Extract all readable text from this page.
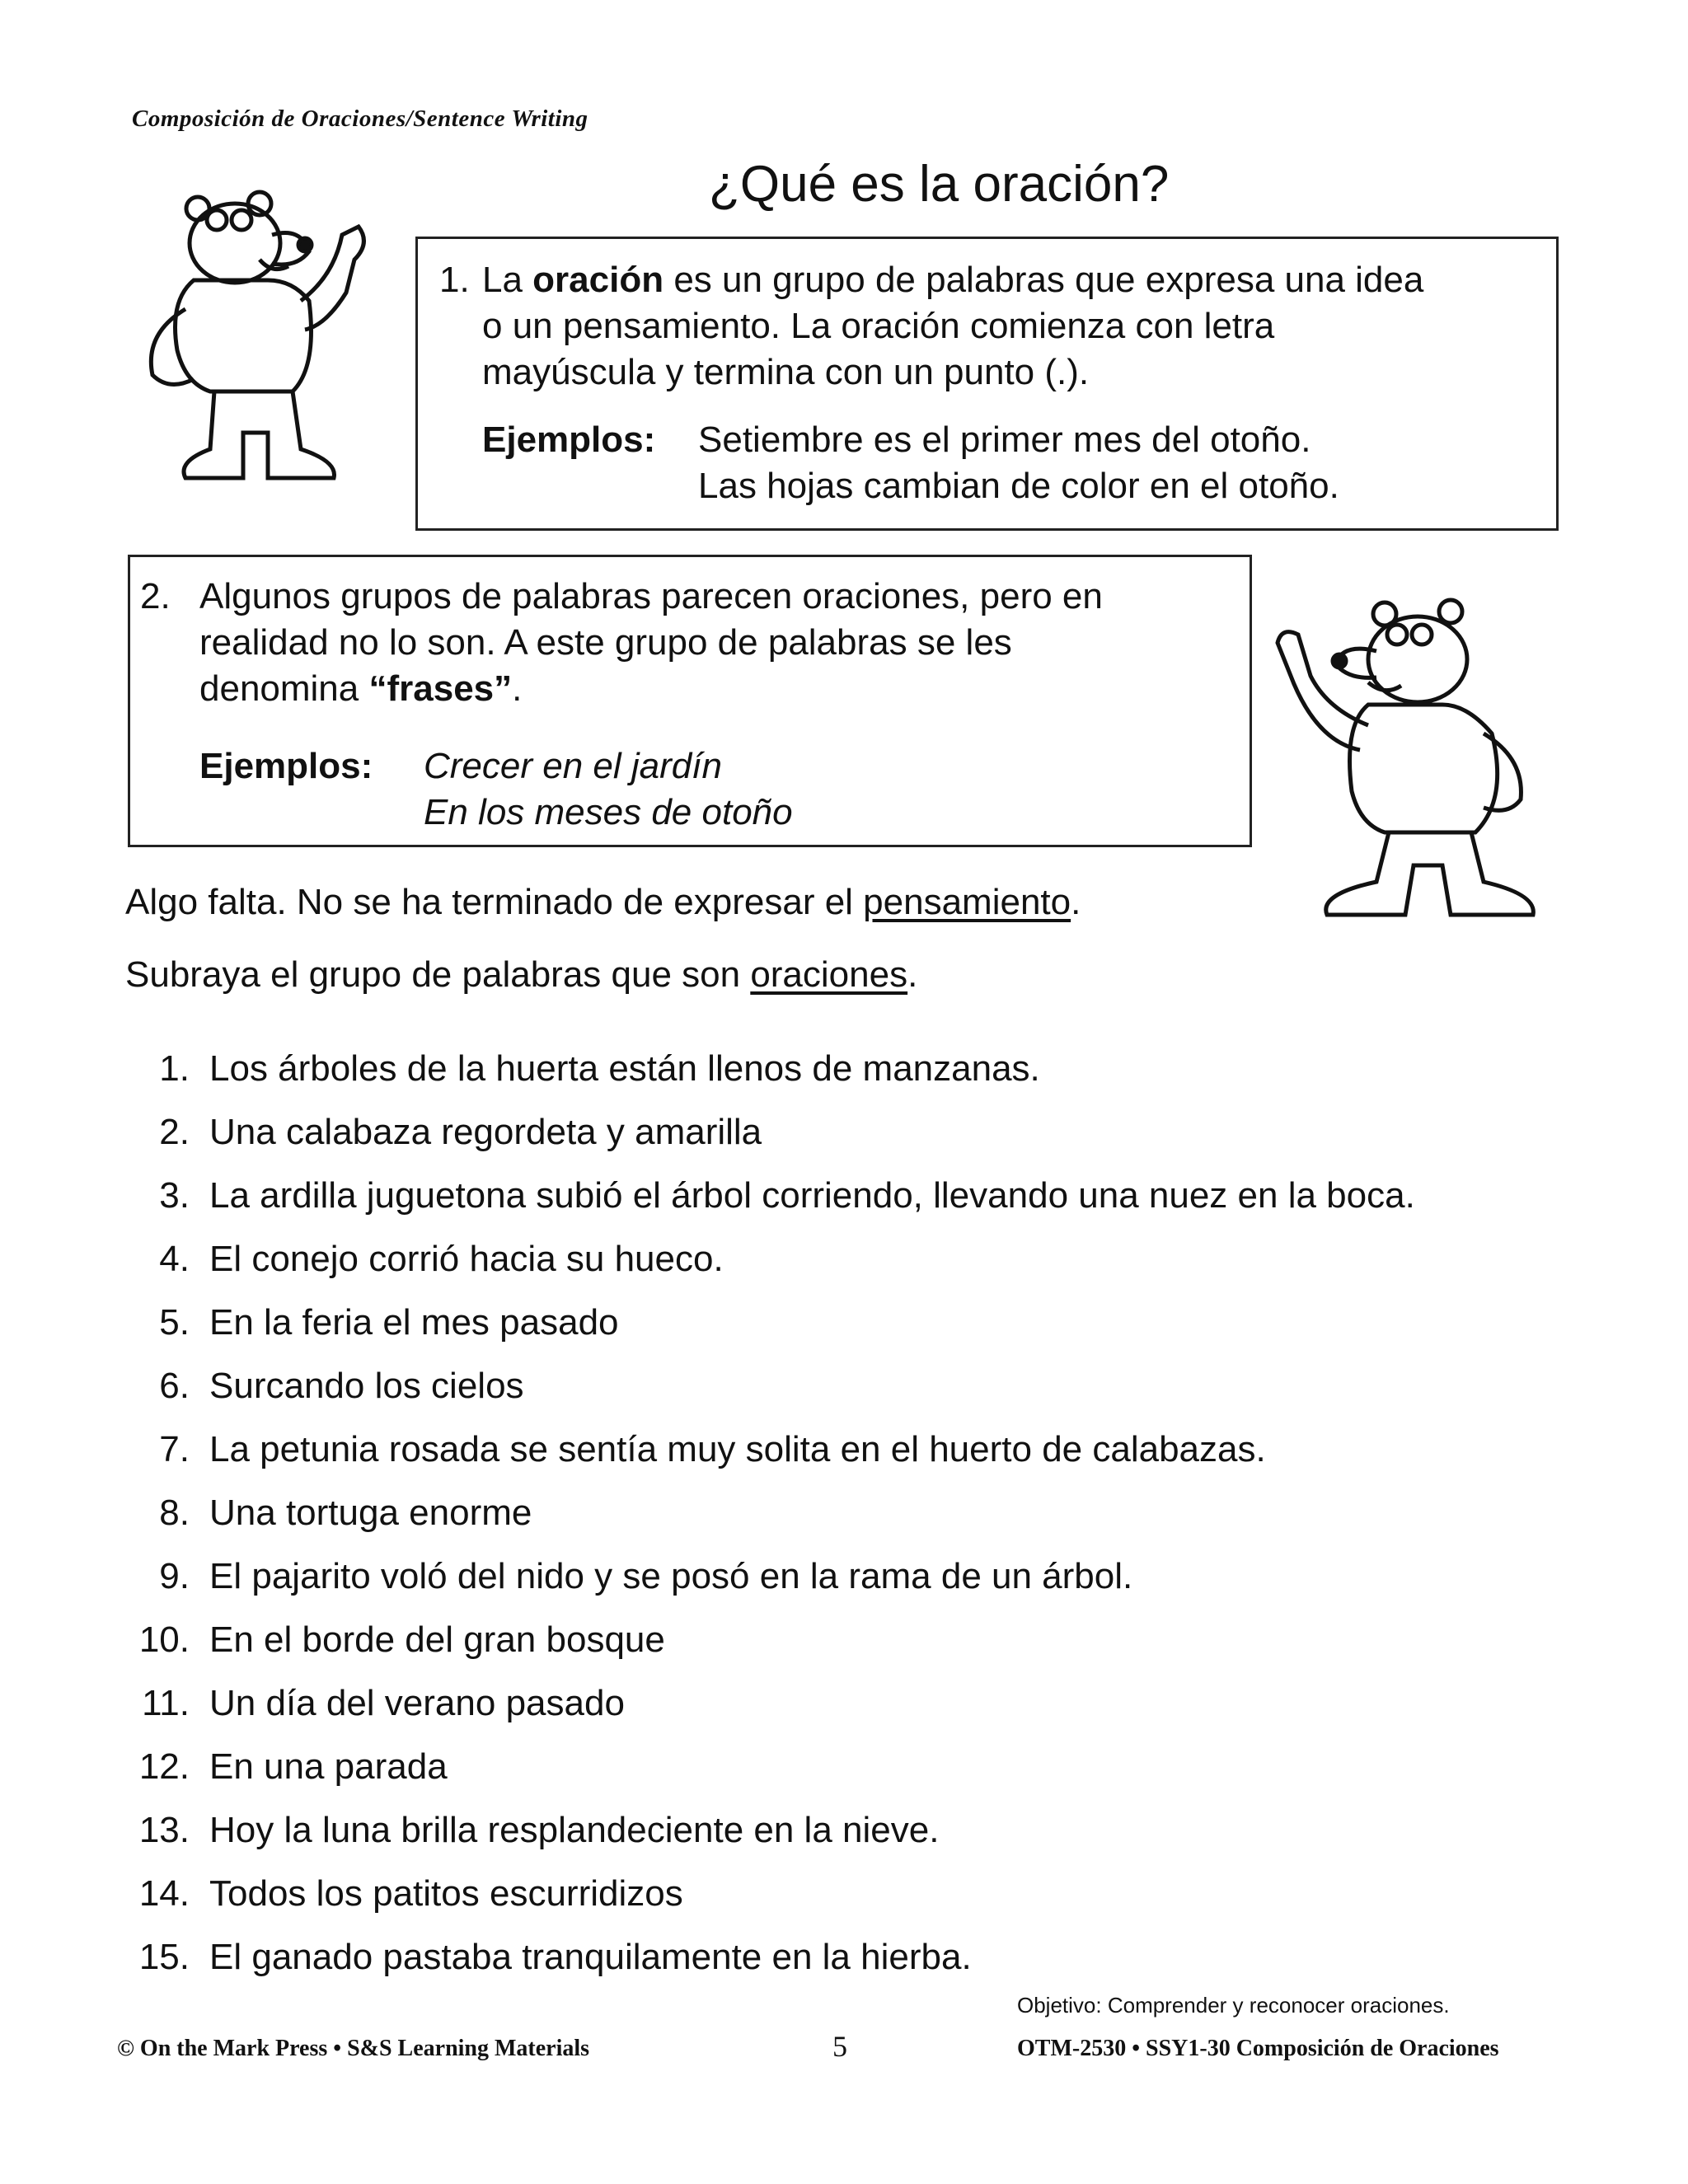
Composición de Oraciones/Sentence Writing
¿Qué es la oración?
1. La oración es un grupo de palabras que expresa una idea
o un pensamiento. La oración comienza con letra
mayúscula y termina con un punto (.).
Ejemplos:	Setiembre es el primer mes del otoño.
Las hojas cambian de color en el otoño.
2. Algunos grupos de palabras parecen oraciones, pero en
realidad no lo son. A este grupo de palabras se les
denomina “frases”.
Ejemplos:	Crecer en el jardín
En los meses de otoño
Algo falta. No se ha terminado de expresar el pensamiento.
Subraya el grupo de palabras que son oraciones.
1. Los árboles de la huerta están llenos de manzanas.
2. Una calabaza regordeta y amarilla
3. La ardilla juguetona subió el árbol corriendo, llevando una nuez en la boca.
4. El conejo corrió hacia su hueco.
5. En la feria el mes pasado
6. Surcando los cielos
7. La petunia rosada se sentía muy solita en el huerto de calabazas.
8. Una tortuga enorme
9. El pajarito voló del nido y se posó en la rama de un árbol.
10. En el borde del gran bosque
11. Un día del verano pasado
12. En una parada
13. Hoy la luna brilla resplandeciente en la nieve.
14. Todos los patitos escurridizos
15. El ganado pastaba tranquilamente en la hierba.
Objetivo: Comprender y reconocer oraciones.
© On the Mark Press • S&S Learning Materials	5	OTM-2530 • SSY1-30 Composición de Oraciones
